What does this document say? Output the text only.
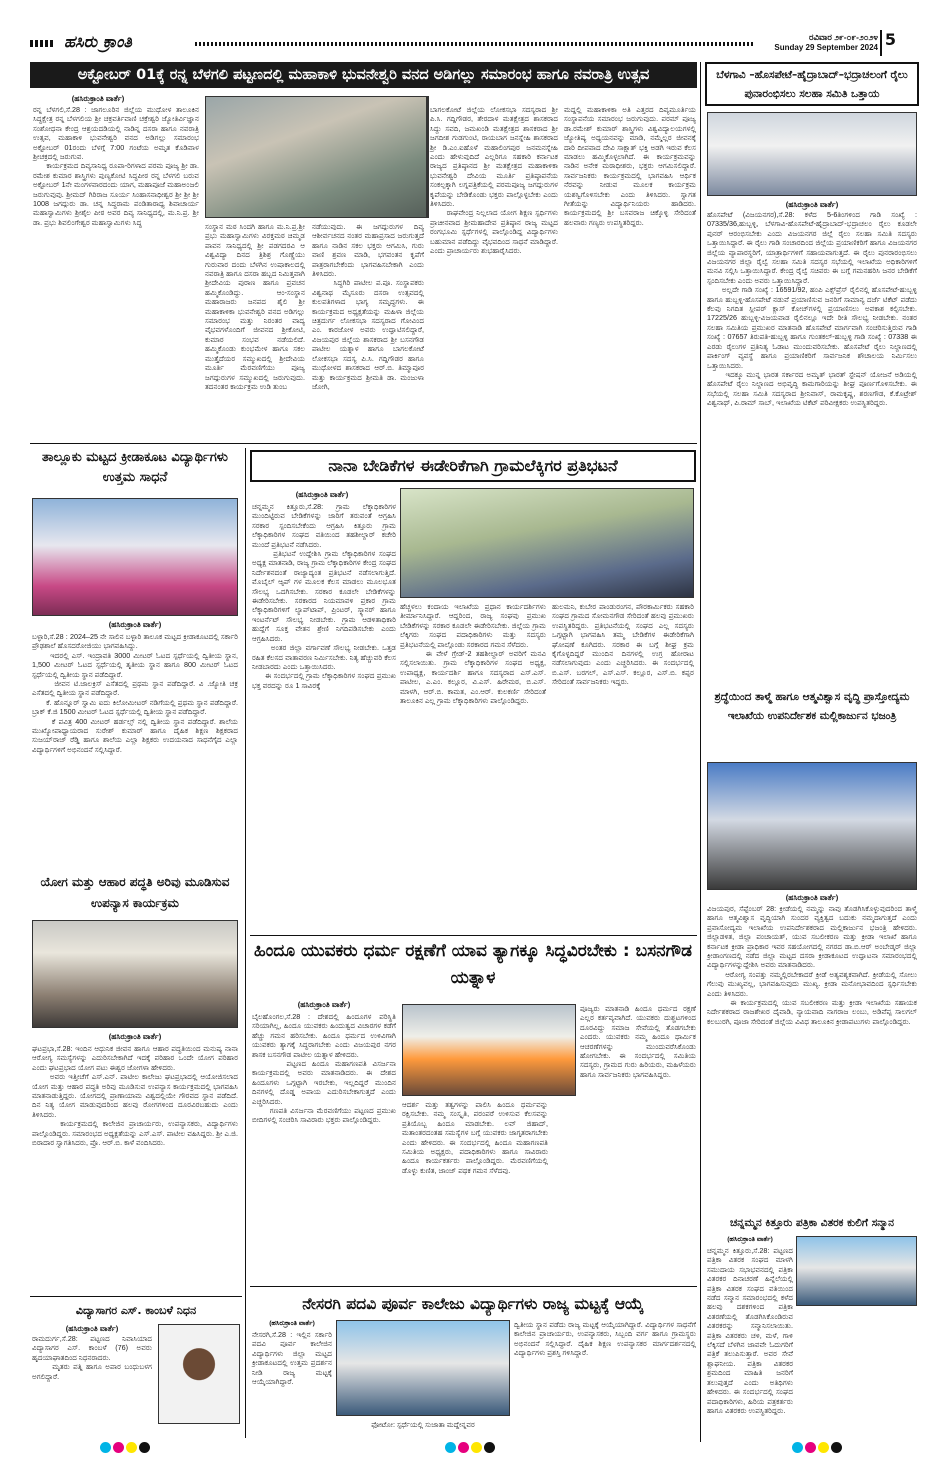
ಹಸಿರು ಕ್ರಾಂತಿ	ರವಿವಾರ ೨೯-೦೯-೨೦೨೪
Sunday 29 September 2024 5
ಅಕ್ಟೋಬರ್ 01ಕ್ಕೆ ರನ್ನ ಬೆಳಗಲಿ ಪಟ್ಟಣದಲ್ಲಿ ಮಹಾಕಾಳಿ ಭುವನೇಶ್ವರಿ ವನದ ಅಡಿಗಲ್ಲು ಸಮಾರಂಭ ಹಾಗೂ ನವರಾತ್ರಿ ಉತ್ಸವ
(ಹಸಿರುಕ್ರಾಂತಿ ವಾರ್ತೆ)
ರನ್ನ ಬೆಳಗಲಿ,ಸೆ.28 : ಜಾಗಲೂರಿನ ಜಿಲ್ಲೆಯ ಮುಧೋಳ ತಾಲೂಕಿನ ಸಿದ್ಧಕ್ಷೇತ್ರ ರನ್ನ ಬೆಳಗಲಿಯ ಶ್ರೀ ಚಕ್ರವರ್ತಿವಾಣಿ ಚಕ್ರೇಶ್ವರಿ ಜ್ಯೋತಿರ್ವಿಜ್ಞಾನ ಸಂಶೋಧನಾ ಕೇಂದ್ರ ಆಶ್ರಯದಡಿಯಲ್ಲಿ ನಾಡಿನ್ನ ದಸರಾ ಹಾಗೂ ನವರಾತ್ರಿ ಉತ್ಸವ, ಮಹಾಕಾಳಿ ಭುವನೇಶ್ವರಿ ವನದ ಅಡಿಗಲ್ಲು ಸಮಾರಂಭ ಅಕ್ಟೋಬರ್ 01ರಂದು ಬೆಳಗ್ಗೆ 7:00 ಗಂಟೆಯ ಅಮೃತ ಕೊಡಿವಾಳ ಶ್ರೀಚಕ್ರದಲ್ಲಿ ಜರುಗುವ.
ಕಾರ್ಯಕ್ರಮದ ದಿವ್ಯಸಾನಿಧ್ಯ ರೂಪಾ-ರಿಗಳಾದ ಪರಮ ಪೂಜ್ಯ ಶ್ರೀ ಡಾ. ರಮೇಶ ಕುಮಾರ ಶಾಸ್ತ್ರಿಗಳು ಪುಣ್ಯಕೋಟಿ ಸಿದ್ಧಪೀಠ ರನ್ನ ಬೆಳಗಲಿ ಬರುವ ಅಕ್ಟೋಬರ್ 1ನೇ ಮಂಗಳವಾರದಂದು ಯಾಗ, ಮಹಾಪೂಜೆ ಮಹಾಅಂಜಲಿ ಜರುಗುವುವು. ಶ್ರೀಮದ್ ಗಿರಿರಾಜ ಸೂರ್ಯ ಸಿಂಹಾಸನಾಧೀಶ್ವರ ಶ್ರೀ ಶ್ರೀ ಶ್ರೀ 1008 ಜಗದ್ಗುರು ಡಾ. ಚನ್ನ ಸಿದ್ಧರಾಮ ಪಂಡಿತಾರಾಧ್ಯ ಶಿವಾಚಾರ್ಯ ಮಹಾಸ್ವಾಮಿಗಳು ಶ್ರೀಶೈಲ ಪೀಠ ಅವರ ದಿವ್ಯ ಸಾನಿಧ್ಯದಲ್ಲಿ, ಮ.ನಿ.ಪ್ರ. ಶ್ರೀ ಡಾ. ಪ್ರಭು ಶಿವಲಿಂಗೇಶ್ವರ ಮಹಾಸ್ವಾಮಿಗಳು ಸಿದ್ಧ	ಸಂಸ್ಥಾನ ಮಠ ಸಿಂದಗಿ ಹಾಗೂ ಮ.ನಿ.ಪ್ರ.ಶ್ರೀ ಪ್ರಭು ಮಹಾಸ್ವಾಮಿಗಳು ವಿರಕ್ತಮಠ ಚಿಮ್ಮಡ ಪಾವನ ಸಾನಿಧ್ಯದಲ್ಲಿ ಶ್ರೀ ಪಡಗದರವಿ ಆ ವಿಶ್ವವಿದ್ಯಾ ದಿನದ ತ್ರಿಶಿಶ್ರ ಗೊಣ್ಣೆಯು ಗುರುವಾರ ದಂದು ಬೆಳಗಿನ ಉಷಾಕಾಲದಲ್ಲಿ ನವರಾತ್ರಿ ಹಾಗೂ ದಸರಾ ಹಬ್ಬದ ನಿಮಿತ್ತವಾಗಿ ಶ್ರೀದೇವಿಯ ಪುರಾಣ ಹಾಗೂ ಪ್ರವಚನ ಹಮ್ಮಿಕೊಂಡಿದ್ದು. ಆಂ-ಸಂಸ್ಥಾನ ಮಹಾರಾಜರು ಜನಪದ ಶೈಲಿ ಶ್ರೀ ಮಹಾಕಾಳಿಕಾ ಭುವನೇಶ್ವರಿ ವನದ ಅಡಿಗಲ್ಲು ಸಮಾರಂಭ ಮತ್ತು ನಿರಂತರ ವಾದ್ಯ ವೈಭವಗಳೊಂದಿಗೆ ಜೀವನದ ಶ್ರೀಕೋಟಿ, ಕುಮಾರ ಸಂಭವ ನಡೆಯಲಿದೆ. ಹಮ್ಮಿಕೊಂಡು ಕುಂಭಮೇಳ ಹಾಗೂ ಸಕಲ ಮುತ್ತೈದೆಯರ ಸಮ್ಮುಖದಲ್ಲಿ ಶ್ರೀದೇವಿಯ ಮೂರ್ತಿ ಮೆರವಣಿಗೆಯು ಪೂಜ್ಯ ಜಗದ್ಗುರುಗಳ ಸಮ್ಮುಖದಲ್ಲಿ ಜರುಗುವುದು. ತದನಂತರ ಕಾರ್ಯಕ್ರಮ ಉಡಿ ತುಂಬ
ನಡೆಯುವುದು. ಈ ಜಗದ್ಗುರುಗಳ ದಿವ್ಯ ಆಶೀರ್ವಚನದ ನಂತರ ಮಹಾಪ್ರಸಾದ ಜರುಗುತ್ತದೆ ಹಾಗೂ ನಾಡಿನ ಸಕಲ ಭಕ್ತರು ಆಗಮಿಸಿ, ಗುರು ವಾಣಿ ಶ್ರವಣ ಮಾಡಿ, ಭಗವಂತನ ಕೃಪೆಗೆ ಪಾತ್ರರಾಗಬೇಕೆಂದು ಭಾಗವಹಿಸಬೇಕಾಗಿ ಎಂದು ತಿಳಿಸಿದರು.
ಸಿದ್ಧಗಿರಿ ಪಾಟೀಲ ಪ.ಪೂ. ಸಂಸ್ಥಾಪಕರು ವಿಶ್ವನಾಥ ಮೈಸೂರು ದಸರಾ ಉತ್ಸವದಲ್ಲಿ ಕುಲಪತಿಗಳಾದ ಭಾಗ್ಯ ಸಮೃದ್ಧಗಳು. ಈ ಕಾರ್ಯಕ್ರಮದ ಅಧ್ಯಕ್ಷತೆಯನ್ನು ಮಹಿಳಾ ಜಿಲ್ಲೆಯ ಚಿತ್ರದುರ್ಗ ಲೋಕಸಭಾ ಸದಸ್ಯರಾದ ಗೋವಿಂದ ಎಂ. ಕಾರಜೋಳ ಅವರು ಉದ್ಘಾಟಿಸಲಿದ್ದಾರೆ, ವಿಜಯಪುರ ಜಿಲ್ಲೆಯ ಶಾಸಕರಾದ ಶ್ರೀ ಬಸನಗೌಡ ಪಾಟೀಲ ಯತ್ನಾಳ ಹಾಗೂ ಬಾಗಲಕೋಟೆ ಲೋಕಸಭಾ ಸದಸ್ಯ ಪಿ.ಸಿ. ಗದ್ದಿಗೌಡರ ಹಾಗೂ ಮುಧೋಳದ ಶಾಸಕರಾದ ಆರ್.ಬಿ. ತಿಮ್ಮಾಪೂರ ಮತ್ತು ಕಾರ್ಯಕ್ರಮದ ಶ್ರೀಮತಿ ಡಾ. ಮಂಜುಳಾ ಜೋಗಿ,
ಬಾಗಲಕೋಟೆ ಜಿಲ್ಲೆಯ ಲೋಕಸಭಾ ಸದಸ್ಯರಾದ ಶ್ರೀ ಪಿ.ಸಿ. ಗದ್ದಿಗೌಡರ, ತೇರದಾಳ ಮತಕ್ಷೇತ್ರದ ಶಾಸಕರಾದ ಸಿದ್ದು ಸವದಿ, ಜಮಖಂಡಿ ಮತಕ್ಷೇತ್ರದ ಶಾಸಕರಾದ ಶ್ರೀ ಜಗದೀಶ ಗುಡಗುಂಟಿ, ರಾಯಬಾಗ ಜನಸ್ನೇಹಿ ಶಾಸಕರಾದ ಶ್ರೀ ಡಿ.ಎಂ.ಐಹೊಳೆ ಮಹಾಲಿಂಗಪುರ ಜನಮನಸ್ನೇಹಿ ಎಂದು ಹೇಳುವುದಿದೆ ಎಲ್ಲರಿಗೂ ಸಹಕಾರಿ ಕರ್ನಾಟಕ ರಾಜ್ಯದ ಪ್ರತಿಷ್ಠಾನದ ಶ್ರೀ ಮತಕ್ಷೇತ್ರದ ಮಹಾಕಾಳಿಕಾ ಭುವನೇಶ್ವರಿ ದೇವಿಯ ಮೂರ್ತಿ ಪ್ರತಿಷ್ಠಾಪನೆಯ ಸಂಕಲ್ಪಕ್ಕಾಗಿ ಲಗ್ನಪತ್ರಿಕೆಯಲ್ಲಿ ಪರಮಪೂಜ್ಯ ಜಗದ್ಗುರುಗಳ ಕೃಪೆಯನ್ನು ಬೇಡಿಕೊಂಡು ಭಕ್ತರು ಪಾಲ್ಗೊಳ್ಳಬೇಕು ಎಂದು ತಿಳಿಸಿದರು.
ರಾಘವೇಂದ್ರ ನಿಲ್ಲಲಾದ ಯೋಗ ಶಿಕ್ಷಣ ಸ್ಪರ್ಧಿಗಳು ಪ್ರಾಚೀನವಾದ ಶ್ರೀಮಹಾದೇವ ಪ್ರತಿಷ್ಠಾನ ರಾಜ್ಯ ಮಟ್ಟದ ರಂಗಭೂಮಿ ಸ್ಪರ್ಧೆಗಳಲ್ಲಿ ಪಾಲ್ಗೊಂಡಿದ್ದ ವಿದ್ಯಾರ್ಥಿಗಳು ಬಹುಮಾನ ಪಡೆದಿದ್ದು ವೈಭವದಿಂದ ಸಾಧನೆ ಮಾಡಿದ್ದಾರೆ. ಎಂದು ಪ್ರಾಚಾರ್ಯರು ಶುಭಹಾರೈಸಿದರು.
ಮದ್ದಲ್ಲಿ ಮಹಾಕಾಳಿಕಾ ಅತಿ ಎತ್ತರದ ದಿವ್ಯಮೂರ್ತಿಯ ಸಂಸ್ಥಾಪನೆಯ ಸಮಾರಂಭ ಜರುಗುವುದು. ಪರಮ್ ಪೂಜ್ಯ ಡಾ.ರಮೇಶ್ ಕುಮಾರ್ ಶಾಸ್ತ್ರಿಗಳು ವಿಶ್ವವಿದ್ಯಾಲಯಗಳಲ್ಲಿ ಜ್ಯೋತಿಷ್ಯ ಅಧ್ಯಯನವನ್ನು ಮಾಡಿ, ನಮ್ಮೆಲ್ಲರ ಜೀವನಕ್ಕೆ ದಾರಿ ದೀಪವಾದ ದೇವಿ ಸಾಕ್ಷಾತ್ ಭಕ್ತಿ ಅಡಗಿ ಇರುವ ಕೆಲಸ ಮಾಡಲು ಹಮ್ಮಿಕೊಳ್ಳಲಾಗಿದೆ. ಈ ಕಾರ್ಯಕ್ರಮವನ್ನು ನಾಡಿನ ಅನೇಕ ಮಠಾಧೀಶರು, ಭಕ್ತರು ಆಗಮಿಸಲಿದ್ದಾರೆ. ಸಾರ್ವಜನಿಕರು ಕಾರ್ಯಕ್ರಮದಲ್ಲಿ ಭಾಗವಹಿಸಿ ಆರ್ಥಿಕ ನೆರವನ್ನು ನೀಡುವ ಮೂಲಕ ಕಾರ್ಯಕ್ರಮ ಯಶಸ್ವಿಗೊಳಿಸಬೇಕು ಎಂದು ತಿಳಿಸಿದರು. ಸ್ವಾಗತ ಗೀತೆಯನ್ನು ವಿದ್ಯಾರ್ಥಿನಿಯರು ಹಾಡಿದರು. ಕಾರ್ಯಕ್ರಮದಲ್ಲಿ ಶ್ರೀ ಬಸವರಾಜ ಚಿಕ್ಕೊಳ್ಳಿ ಸೇರಿದಂತೆ ಹಲವಾರು ಗಣ್ಯರು ಉಪಸ್ಥಿತರಿದ್ದರು.
ಬೆಳಗಾವಿ –ಹೊಸಪೇಟೆ–ಹೈದ್ರಾಬಾದ್–ಭದ್ರಾಚಲಂಗೆ ರೈಲು ಪುನಾರಂಭಿಸಲು ಸಲಹಾ ಸಮಿತಿ ಒತ್ತಾಯ
(ಹಸಿರುಕ್ರಾಂತಿ ವಾರ್ತೆ)
ಹೊಸಪೇಟೆ (ವಿಜಯನಗರ),ಸೆ.28: ಕಳೆದ 5-6ತಿಂಗಳಿಂದ ಗಾಡಿ ಸಂಖ್ಯೆ : 07335/36,ಹುಬ್ಬಳ್ಳಿ, ಬೆಳಗಾವಿ-ಹೊಸಪೇಟೆ-ಹೈದ್ರಾಬಾದ್-ಭದ್ರಾಚಲಂ ರೈಲು ಕೂಡಲೇ ಪುನರ್ ಆರಂಭಿಸಬೇಕು ಎಂದು ವಿಜಯನಗರ ಜಿಲ್ಲೆ ರೈಲು ಸಲಹಾ ಸಮಿತಿ ಸದಸ್ಯರು ಒತ್ತಾಯಿಸಿದ್ದಾರೆ. ಈ ರೈಲು ಗಾಡಿ ಸಂಚಾರದಿಂದ ಜಿಲ್ಲೆಯ ಪ್ರಯಾಣಿಕರಿಗೆ ಹಾಗೂ ವಿಜಯನಗರ ಜಿಲ್ಲೆಯ ವ್ಯಾಪಾರಸ್ಥರಿಗೆ, ಯಾತ್ರಾರ್ಥಿಗಳಿಗೆ ಸಹಾಯವಾಗುತ್ತದೆ. ಈ ರೈಲು ಪುನರಾರಂಭಿಸಲು ವಿಜಯನಗರ ಜಿಲ್ಲಾ ರೈಲ್ವೆ ಸಲಹಾ ಸಮಿತಿ ಸದಸ್ಯರ ಸಭೆಯಲ್ಲಿ ಇಲಾಖೆಯ ಅಧಿಕಾರಿಗಳಿಗೆ ಮನವಿ ಸಲ್ಲಿಸಿ ಒತ್ತಾಯಿಸಿದ್ದಾರೆ. ಕೇಂದ್ರ ರೈಲ್ವೆ ಸಚಿವರು ಈ ಬಗ್ಗೆ ಗಮನಹರಿಸಿ ಜನರ ಬೇಡಿಕೆಗೆ ಸ್ಪಂದಿಸಬೇಕು ಎಂದು ಅವರು ಒತ್ತಾಯಿಸಿದ್ದಾರೆ.
ಅಲ್ಲದೇ ಗಾಡಿ ಸಂಖ್ಯೆ : 16591/92, ಹಂಪಿ ಎಕ್ಸ್‌ಪ್ರೆಸ್ ರೈಲಿನಲ್ಲಿ ಹೊಸಪೇಟೆ-ಹುಬ್ಬಳ್ಳಿ ಹಾಗೂ ಹುಬ್ಬಳ್ಳಿ-ಹೊಸಪೇಟೆ ನಡುವೆ ಪ್ರಯಾಣಿಸುವ ಜನರಿಗೆ ಸಾಮಾನ್ಯ ದರ್ಜೆ ಟಿಕೆಟ್ ಪಡೆದು ಕೆಲವು ನಿಗದಿತ ಸ್ಲೀಪರ್ ಕ್ಲಾಸ್ ಕೋಚ್‌ಗಳಲ್ಲಿ ಪ್ರಯಾಣಿಸಲು ಅವಕಾಶ ಕಲ್ಪಿಸಬೇಕು. 17225/26 ಹುಬ್ಬಳ್ಳಿ-ವಿಜಯವಾಡ ರೈಲಿನಲ್ಲೂ ಇದೇ ರೀತಿ ಸೌಲಭ್ಯ ನೀಡಬೇಕು. ನಂತರ ಸಲಹಾ ಸಮಿತಿಯ ಪ್ರಮುಖರ ಮಾತನಾಡಿ ಹೊಸಪೇಟೆ ಮಾರ್ಗವಾಗಿ ಸಂಚರಿಸುತ್ತಿರುವ ಗಾಡಿ ಸಂಖ್ಯೆ : 07657 ತಿರುಪತಿ-ಹುಬ್ಬಳ್ಳಿ ಹಾಗೂ ಗುಂತಕಲ್-ಹುಬ್ಬಳ್ಳಿ ಗಾಡಿ ಸಂಖ್ಯೆ : 07338 ಈ ಎರಡು ರೈಲುಗಳ ಪ್ರತಿನಿತ್ಯ ಓಡಾಟ ಮುಂದುವರಿಸಬೇಕು. ಹೊಸಪೇಟೆ ರೈಲು ನಿಲ್ದಾಣದಲ್ಲಿ ಪಾರ್ಕಿಂಗ್ ವ್ಯವಸ್ಥೆ ಹಾಗೂ ಪ್ರಯಾಣಿಕರಿಗೆ ಸಾರ್ವಜನಿಕ ಶೌಚಾಲಯ ನಿರ್ಮಿಸಲು ಒತ್ತಾಯಿಸಿದರು.
ಇದಕ್ಕೂ ಮುನ್ನ ಭಾರತ ಸರ್ಕಾರದ ಅಮೃತ್ ಭಾರತ್ ಸ್ಟೇಷನ್ ಯೋಜನೆ ಅಡಿಯಲ್ಲಿ ಹೊಸಪೇಟೆ ರೈಲು ನಿಲ್ದಾಣದ ಅಭಿವೃದ್ಧಿ ಕಾಮಗಾರಿಯನ್ನು ಶೀಘ್ರ ಪೂರ್ಣಗೊಳಿಸಬೇಕು. ಈ ಸಭೆಯಲ್ಲಿ ಸಲಹಾ ಸಮಿತಿ ಸದಸ್ಯರಾದ ಶ್ರೀನಿವಾಸ್, ರಾಮಕೃಷ್ಣ, ಶರಣಗೌಡ, ಕೆ.ಕೊಟ್ರೇಶ್ ವಿಶ್ವನಾಥ್, ಪಿ.ರಾಮ್ ಸಾಬ್, ಇಲಾಖೆಯ ಟಿಕೆಟ್ ಪರಿವೀಕ್ಷಕರು ಉಪಸ್ಥಿತರಿದ್ದರು.
ಶ್ರದ್ಧೆಯಿಂದ ತಾಳ್ಮೆ ಹಾಗೂ ಆತ್ಮವಿಶ್ವಾಸ ವೃದ್ಧಿ ಪ್ರಾಸ್ತೋದ್ಯಮ ಇಲಾಖೆಯ ಉಪನಿರ್ದೇಶಕ ಮಲ್ಲಿಕಾರ್ಜುನ ಭಜಂತ್ರಿ
(ಹಸಿರುಕ್ರಾಂತಿ ವಾರ್ತೆ)
ವಿಜಯಪುರ, ಸೆಪ್ಟೆಂಬರ್ 28: ಕ್ರೀಡೆಯಲ್ಲಿ ನಮ್ಮನ್ನು ನಾವು ತೊಡಗಿಸಿಕೊಳ್ಳುವುದರಿಂದ ತಾಳ್ಮೆ ಹಾಗೂ ಆತ್ಮವಿಶ್ವಾಸ ವೃದ್ಧಿಯಾಗಿ ಸುಂದರ ವ್ಯಕ್ತಿತ್ವದ ಬದುಕು ನಮ್ಮದಾಗುತ್ತದೆ ಎಂದು ಪ್ರವಾಸೋದ್ಯಮ ಇಲಾಖೆಯ ಉಪನಿರ್ದೇಶಕರಾದ ಮಲ್ಲಿಕಾರ್ಜುನ ಭಜಂತ್ರಿ ಹೇಳಿದರು. ಜಿಲ್ಲಾಡಳಿತ, ಜಿಲ್ಲಾ ಪಂಚಾಯತ್, ಯುವ ಸಬಲೀಕರಣ ಮತ್ತು ಕ್ರೀಡಾ ಇಲಾಖೆ ಹಾಗೂ ಕರ್ನಾಟಕ ಕ್ರೀಡಾ ಪ್ರಾಧಿಕಾರ ಇವರ ಸಹಯೋಗದಲ್ಲಿ ನಗರದ ಡಾ.ಬಿ.ಆರ್ ಅಂಬೇಡ್ಕರ್ ಜಿಲ್ಲಾ ಕ್ರೀಡಾಂಗಣದಲ್ಲಿ ನಡೆದ ಜಿಲ್ಲಾ ಮಟ್ಟದ ದಸರಾ ಕ್ರೀಡಾಕೂಟದ ಉದ್ಘಾಟನಾ ಸಮಾರಂಭದಲ್ಲಿ ವಿದ್ಯಾರ್ಥಿಗಳನ್ನುದ್ದೇಶಿಸಿ ಅವರು ಮಾತನಾಡಿದರು.
ಆರೋಗ್ಯ ಸಂಪತ್ತು ನಮ್ಮಲ್ಲಿರಬೇಕಾದರೆ ಕ್ರೀಡೆ ಅತ್ಯವಶ್ಯಕವಾಗಿದೆ. ಕ್ರೀಡೆಯಲ್ಲಿ ಸೋಲು ಗೆಲುವು ಮುಖ್ಯವಲ್ಲ, ಭಾಗವಹಿಸುವುದು ಮುಖ್ಯ. ಕ್ರೀಡಾ ಮನೋಭಾವದಿಂದ ಸ್ಪರ್ಧಿಸಬೇಕು ಎಂದು ತಿಳಿಸಿದರು.
ಈ ಕಾರ್ಯಕ್ರಮದಲ್ಲಿ ಯುವ ಸಬಲೀಕರಣ ಮತ್ತು ಕ್ರೀಡಾ ಇಲಾಖೆಯ ಸಹಾಯಕ ನಿರ್ದೇಶಕರಾದ ರಾಜಶೇಖರ ದೈವಾಡಿ, ನ್ಯಾಯವಾದಿ ನಾಗರಾಜ ಲಂಬು, ಅಡಿವೆಪ್ಪ ಸಾಲಗಲ್ ಕಲಬುರಗಿ, ಪೂಜಾ ಸೇರಿದಂತೆ ಜಿಲ್ಲೆಯ ವಿವಿಧ ತಾಲೂಕಿನ ಕ್ರೀಡಾಪಟುಗಳು ಪಾಲ್ಗೊಂಡಿದ್ದರು.
ಚನ್ನಮ್ಮನ ಕಿತ್ತೂರು ಪತ್ರಿಕಾ ವಿತರಕ ಕುಲಿಗೆ ಸನ್ಮಾನ
(ಹಸಿರುಕ್ರಾಂತಿ ವಾರ್ತೆ)
ಚನ್ನಮ್ಮನ ಕಿತ್ತೂರು,ಸೆ.28: ಪಟ್ಟಣದ ಪತ್ರಿಕಾ ವಿತರಕ ಸಂಘದ ಮಾಳಗಿ ಸಮುದಾಯ ಸಭಾಭವನದಲ್ಲಿ ಪತ್ರಿಕಾ ವಿತರಕರ ದಿನಾಚರಣೆ ಹಿನ್ನೆಲೆಯಲ್ಲಿ ಪತ್ರಿಕಾ ವಿತರಕ ಸಂಘದ ವತಿಯಿಂದ ನಡೆದ ಸನ್ಮಾನ ಸಮಾರಂಭದಲ್ಲಿ ಕಳೆದ ಹಲವು ದಶಕಗಳಿಂದ ಪತ್ರಿಕಾ ವಿತರಣೆಯಲ್ಲಿ ತೊಡಗಿಸಿಕೊಂಡಿರುವ ವಿತರಕರನ್ನು ಸನ್ಮಾನಿಸಲಾಯಿತು. ಪತ್ರಿಕಾ ವಿತರಕರು ಚಳಿ, ಮಳೆ, ಗಾಳಿ ಲೆಕ್ಕಿಸದೆ ಬೆಳಗಿನ ಜಾವವೇ ಓದುಗರಿಗೆ ಪತ್ರಿಕೆ ತಲುಪಿಸುತ್ತಾರೆ. ಅವರ ಸೇವೆ ಶ್ಲಾಘನೀಯ. ಪತ್ರಿಕಾ ವಿತರಕರ ಶ್ರಮದಿಂದ ಮಾಹಿತಿ ಜನರಿಗೆ ತಲುಪುತ್ತದೆ ಎಂದು ಅತಿಥಿಗಳು ಹೇಳಿದರು. ಈ ಸಂದರ್ಭದಲ್ಲಿ ಸಂಘದ ಪದಾಧಿಕಾರಿಗಳು, ಹಿರಿಯ ಪತ್ರಕರ್ತರು ಹಾಗೂ ವಿತರಕರು ಉಪಸ್ಥಿತರಿದ್ದರು.
ತಾಲ್ಲೂಕು ಮಟ್ಟದ ಕ್ರೀಡಾಕೂಟ ವಿದ್ಯಾರ್ಥಿಗಳು ಉತ್ತಮ ಸಾಧನೆ
(ಹಸಿರುಕ್ರಾಂತಿ ವಾರ್ತೆ)
ಬಳ್ಳಾರಿ,ಸೆ.28 : 2024–25 ನೇ ಸಾಲಿನ ಬಳ್ಳಾರಿ ತಾಲೂಕ ಮಟ್ಟದ ಕ್ರೀಡಾಕೂಟದಲ್ಲಿ ಸರ್ಕಾರಿ ಪ್ರೌಢಶಾಲೆ ಹೊಸದರೋಜಿಯು ಭಾಗವಹಿಸಿದ್ದು.
ಇದರಲ್ಲಿ ಎಸ್. ಇಂದ್ರಾವತಿ 3000 ಮೀಟರ್ ಓಟದ ಸ್ಪರ್ಧೆಯಲ್ಲಿ ದ್ವಿತೀಯ ಸ್ಥಾನ, 1,500 ಮೀಟರ್ ಓಟದ ಸ್ಪರ್ಧೆಯಲ್ಲಿ ತೃತೀಯ ಸ್ಥಾನ ಹಾಗೂ 800 ಮೀಟರ್ ಓಟದ ಸ್ಪರ್ಧೆಯಲ್ಲಿ ದ್ವಿತೀಯ ಸ್ಥಾನ ಪಡೆದಿದ್ದಾರೆ.
ಜೀವನ ಟಿ.ಜಾಲಕ್ರಿಸ್ ಎಸೆತದಲ್ಲಿ ಪ್ರಥಮ ಸ್ಥಾನ ಪಡೆದಿದ್ದಾರೆ. ವಿ .ಜ್ಯೋತಿ ಚಕ್ರ ಎಸೆತದಲ್ಲಿ ದ್ವಿತೀಯ ಸ್ಥಾನ ಪಡೆದಿದ್ದಾರೆ.
ಕೆ. ಹೊನ್ನೂರ್ ಸ್ವಾಮಿ ಐದು ಕಿಲೋಮೀಟರ್ ನಡಿಗೆಯಲ್ಲಿ ಪ್ರಥಮ ಸ್ಥಾನ ಪಡೆದಿದ್ದಾರೆ. ಬ್ರಾಕ್ ಕೆ.ಜಿ 1500 ಮೀಟರ್ ಓಟದ ಸ್ಪರ್ಧೆಯಲ್ಲಿ ದ್ವಿತೀಯ ಸ್ಥಾನ ಪಡೆದಿದ್ದಾರೆ.
ಕೆ ಪವಿತ್ರ 400 ಮೀಟರ್ ಹರ್ಡಲ್ಸ್ ನಲ್ಲಿ ದ್ವಿತೀಯ ಸ್ಥಾನ ಪಡೆದಿದ್ದಾರೆ. ಶಾಲೆಯ ಮುಖ್ಯೋಪಾಧ್ಯಾಯರಾದ ಸುರೇಶ್ ಕುಮಾರ್ ಹಾಗೂ ದೈಹಿಕ ಶಿಕ್ಷಣ ಶಿಕ್ಷಕರಾದ ಸುಜಯ್‌ರಾಜ್ ರೆಡ್ಡಿ ಹಾಗೂ ಶಾಲೆಯ ಎಲ್ಲಾ ಶಿಕ್ಷಕರು ಉದಯನಾದ ಸಾಧನೆಗೈದ ಎಲ್ಲಾ ವಿದ್ಯಾರ್ಥಿಗಳಿಗೆ ಅಭಿನಂದನೆ ಸಲ್ಲಿಸಿದ್ದಾರೆ.
ನಾನಾ ಬೇಡಿಕೆಗಳ ಈಡೇರಿಕೆಗಾಗಿ ಗ್ರಾಮಲೆಕ್ಕಿಗರ ಪ್ರತಿಭಟನೆ
(ಹಸಿರುಕ್ರಾಂತಿ ವಾರ್ತೆ)
ಚನ್ನಮ್ಮನ ಕಿತ್ತೂರು,ಸೆ.28: ಗ್ರಾಮ ಲೆಕ್ಕಾಧಿಕಾರಿಗಳ ಮುಂದಿಟ್ಟಿರುವ ಬೇಡಿಕೆಗಳನ್ನು ಜಾರಿಗೆ ತರುವಂತೆ ಆಗ್ರಹಿಸಿ ಸರಕಾರ ಸ್ಪಂದಿಸಬೇಕೆಂದು ಆಗ್ರಹಿಸಿ ಕಿತ್ತೂರು ಗ್ರಾಮ ಲೆಕ್ಕಾಧಿಕಾರಿಗಳ ಸಂಘದ ವತಿಯಿಂದ ತಹಶೀಲ್ದಾರ್ ಕಚೇರಿ ಮುಂದೆ ಪ್ರತಿಭಟನೆ ನಡೆಸಿದರು.
ಪ್ರತಿಭಟನೆ ಉದ್ದೇಶಿಸಿ ಗ್ರಾಮ ಲೆಕ್ಕಾಧಿಕಾರಿಗಳ ಸಂಘದ ಅಧ್ಯಕ್ಷ ಮಾತನಾಡಿ, ರಾಜ್ಯ ಗ್ರಾಮ ಲೆಕ್ಕಾಧಿಕಾರಿಗಳ ಕೇಂದ್ರ ಸಂಘದ ನಿರ್ದೇಶನದಂತೆ ರಾಜ್ಯಾದ್ಯಂತ ಪ್ರತಿಭಟನೆ ನಡೆಸಲಾಗುತ್ತಿದೆ. ಮೊಬೈಲ್ ಆ್ಯಪ್ ಗಳ ಮೂಲಕ ಕೆಲಸ ಮಾಡಲು ಮೂಲಭೂತ ಸೌಲಭ್ಯ ಒದಗಿಸಬೇಕು. ಸರಕಾರ ಕೂಡಲೇ ಬೇಡಿಕೆಗಳನ್ನು ಈಡೇರಿಸಬೇಕು. ಸರಕಾರದ ನಿಯಮಾವಳಿ ಪ್ರಕಾರ ಗ್ರಾಮ ಲೆಕ್ಕಾಧಿಕಾರಿಗಳಿಗೆ ಲ್ಯಾಪ್‌ಟಾಪ್, ಪ್ರಿಂಟರ್, ಸ್ಕ್ಯಾನರ್ ಹಾಗೂ ಇಂಟರ್ನೆಟ್ ಸೌಲಭ್ಯ ನೀಡಬೇಕು. ಗ್ರಾಮ ಆಡಳಿತಾಧಿಕಾರಿ ಹುದ್ದೆಗೆ ಸೂಕ್ತ ವೇತನ ಶ್ರೇಣಿ ನಿಗದಿಪಡಿಸಬೇಕು ಎಂದು ಆಗ್ರಹಿಸಿದರು.
ಅಂತರ ಜಿಲ್ಲಾ ವರ್ಗಾವಣೆ ಸೌಲಭ್ಯ ನೀಡಬೇಕು. ಒತ್ತಡ ರಹಿತ ಕೆಲಸದ ವಾತಾವರಣ ನಿರ್ಮಿಸಬೇಕು. ನಿತ್ಯ ಹೆಚ್ಚುವರಿ ಕೆಲಸ ನೀಡಬಾರದು ಎಂದು ಒತ್ತಾಯಿಸಿದರು.
ಈ ಸಂದರ್ಭದಲ್ಲಿ ಗ್ರಾಮ ಲೆಕ್ಕಾಧಿಕಾರಿಗಳ ಸಂಘದ ಪ್ರಮುಖ ಭಕ್ತ ವರದನ್ನು ರೂ 1 ಸಾವಿರಕ್ಕೆ
ಹೆಚ್ಚಳಲು ಕಂದಾಯ ಇಲಾಖೆಯ ಪ್ರಧಾನ ಕಾರ್ಯದರ್ಶಿಗಳು ತೀರ್ಮಾನಿಸಿದ್ದಾರೆ. ಆದ್ದರಿಂದ, ರಾಜ್ಯ ಸಂಘವು ಪ್ರಮುಖ ಬೇಡಿಕೆಗಳನ್ನು ಸರಕಾರ ಕೂಡಲೇ ಈಡೇರಿಸಬೇಕು. ಜಿಲ್ಲೆಯ ಗ್ರಾಮ ಲೆಕ್ಕಿಗರು ಸಂಘದ ಪದಾಧಿಕಾರಿಗಳು ಮತ್ತು ಸದಸ್ಯರು ಪ್ರತಿಭಟನೆಯಲ್ಲಿ ಪಾಲ್ಗೊಂಡು ಸರಕಾರದ ಗಮನ ಸೆಳೆದರು.
ಈ ವೇಳೆ ಗ್ರೇಡ್-2 ತಹಶೀಲ್ದಾರ್ ಅವರಿಗೆ ಮನವಿ ಸಲ್ಲಿಸಲಾಯಿತು. ಗ್ರಾಮ ಲೆಕ್ಕಾಧಿಕಾರಿಗಳ ಸಂಘದ ಅಧ್ಯಕ್ಷ, ಉಪಾಧ್ಯಕ್ಷ, ಕಾರ್ಯದರ್ಶಿ ಹಾಗೂ ಸದಸ್ಯರಾದ ಎಸ್.ಎಸ್. ಪಾಟೀಲ, ಎ.ಎಂ. ಕಲ್ಲೂರ, ವಿ.ಎಸ್. ಹಿರೇಮಠ, ಬಿ.ಎಸ್. ಮಾಳಗಿ, ಆರ್.ಬಿ. ಕಾಮತ, ಎಂ.ಆರ್. ಕುಲಕರ್ಣಿ ಸೇರಿದಂತೆ ತಾಲೂಕಿನ ಎಲ್ಲ ಗ್ರಾಮ ಲೆಕ್ಕಾಧಿಕಾರಿಗಳು ಪಾಲ್ಗೊಂಡಿದ್ದರು.
ಹುಲಮನಿ, ಕುಬೇರ ಪಾಂಡುರಂಗನ, ಪೌರಕಾರ್ಮಿಕರು ಸಹಕಾರಿ ಸಂಘದ ಗ್ರಾಮದ ಸೋಮನಗೌಡ ಸೇರಿದಂತೆ ಹಲವು ಪ್ರಮುಖರು ಉಪಸ್ಥಿತರಿದ್ದರು. ಪ್ರತಿಭಟನೆಯಲ್ಲಿ ಸಂಘದ ಎಲ್ಲ ಸದಸ್ಯರು ಒಗ್ಗಟ್ಟಾಗಿ ಭಾಗವಹಿಸಿ ತಮ್ಮ ಬೇಡಿಕೆಗಳ ಈಡೇರಿಕೆಗಾಗಿ ಘೋಷಣೆ ಕೂಗಿದರು. ಸರಕಾರ ಈ ಬಗ್ಗೆ ಶೀಘ್ರ ಕ್ರಮ ಕೈಗೊಳ್ಳದಿದ್ದರೆ ಮುಂದಿನ ದಿನಗಳಲ್ಲಿ ಉಗ್ರ ಹೋರಾಟ ನಡೆಸಲಾಗುವುದು ಎಂದು ಎಚ್ಚರಿಸಿದರು. ಈ ಸಂದರ್ಭದಲ್ಲಿ ಬಿ.ಎಸ್. ಬರಗಲ್, ಎಸ್.ಎಸ್. ಕಲ್ಲೂರ, ಎಸ್.ಬಿ. ಕಪ್ಪರ ಸೇರಿದಂತೆ ಸಾರ್ವಜನಿಕರು ಇದ್ದರು.
ಯೋಗ ಮತ್ತು ಆಹಾರ ಪದ್ಧತಿ ಅರಿವು ಮೂಡಿಸುವ ಉಪನ್ಯಾಸ ಕಾರ್ಯಕ್ರಮ
(ಹಸಿರುಕ್ರಾಂತಿ ವಾರ್ತೆ)
ಘಟಪ್ರಭಾ,ಸೆ.28: ಇಂದಿನ ಆಧುನಿಕ ಜೀವನ ಹಾಗೂ ಆಹಾರ ಪದ್ಧತಿಯಿಂದ ಮನುಷ್ಯ ನಾನಾ ಆರೋಗ್ಯ ಸಮಸ್ಯೆಗಳನ್ನು ಎದುರಿಸಬೇಕಾಗಿದೆ ಇದಕ್ಕೆ ಪರಿಹಾರ ಒಂದೇ ಯೋಗ ಪರಿಹಾರ ಎಂದು ಘಟಪ್ರಭಾದ ಯೋಗ ಪಟು ಈಶ್ವರ ಜೋಗಳಾ ಹೇಳಿದರು.
ಅವರು ಇತ್ತೀಚೆಗೆ ಎಸ್.ಎನ್. ಪಾಟೀಲ ಕಾಲೇಜು ಘಟಪ್ರಭಾದಲ್ಲಿ ಆಯೋಜಿಸಲಾದ ಯೋಗ ಮತ್ತು ಆಹಾರ ಪದ್ಧತಿ ಅರಿವು ಮೂಡಿಸುವ ಉಪನ್ಯಾಸ ಕಾರ್ಯಕ್ರಮದಲ್ಲಿ ಭಾಗವಹಿಸಿ ಮಾತನಾಡುತ್ತಿದ್ದರು. ಯೋಗದಲ್ಲಿ ಪ್ರಾಣಾಯಾಮ ವಿಶ್ವದಲ್ಲಿಯೇ ಗೌರವದ ಸ್ಥಾನ ಪಡೆದಿದೆ. ದಿನ ನಿತ್ಯ ಯೋಗ ಮಾಡುವುದರಿಂದ ಹಲವು ರೋಗಗಳಿಂದ ದೂರವಿರಬಹುದು ಎಂದು ತಿಳಿಸಿದರು.
ಕಾರ್ಯಕ್ರಮದಲ್ಲಿ ಕಾಲೇಜಿನ ಪ್ರಾಚಾರ್ಯರು, ಉಪನ್ಯಾಸಕರು, ವಿದ್ಯಾರ್ಥಿಗಳು ಪಾಲ್ಗೊಂಡಿದ್ದರು. ಸಮಾರಂಭದ ಅಧ್ಯಕ್ಷತೆಯನ್ನು ಎಸ್.ಎಸ್. ಪಾಟೀಲ ವಹಿಸಿದ್ದರು. ಶ್ರೀ ಎ.ಜಿ. ಬಿರಾದಾರ ಸ್ವಾಗತಿಸಿದರು, ಪ್ರೊ. ಆರ್.ಬಿ. ಕಾಳೆ ವಂದಿಸಿದರು.
ಹಿಂದೂ ಯುವಕರು ಧರ್ಮ ರಕ್ಷಣೆಗೆ ಯಾವ ತ್ಯಾಗಕ್ಕೂ ಸಿದ್ಧವಿರಬೇಕು : ಬಸನಗೌಡ ಯತ್ನಾಳ
(ಹಸಿರುಕ್ರಾಂತಿ ವಾರ್ತೆ)
ಬೈಲಹೊಂಗಲ,ಸೆ.28 : ದೇಶದಲ್ಲಿ ಹಿಂದೂಗಳ ಪರಿಸ್ಥಿತಿ ಸರಿಯಾಗಿಲ್ಲ, ಹಿಂದೂ ಯುವಕರು ಹಿಂದುತ್ವದ ವಿಚಾರಗಳ ಕಡೆಗೆ ಹೆಚ್ಚು ಗಮನ ಹರಿಸಬೇಕು. ಹಿಂದೂ ಧರ್ಮದ ಉಳಿವಿಗಾಗಿ ಯುವಕರು ತ್ಯಾಗಕ್ಕೆ ಸಿದ್ಧರಾಗಬೇಕು ಎಂದು ವಿಜಯಪುರ ನಗರ ಶಾಸಕ ಬಸನಗೌಡ ಪಾಟೀಲ ಯತ್ನಾಳ ಹೇಳಿದರು.
ಪಟ್ಟಣದ ಹಿಂದೂ ಮಹಾಗಣಪತಿ ವಿಸರ್ಜನಾ ಕಾರ್ಯಕ್ರಮದಲ್ಲಿ ಅವರು ಮಾತನಾಡಿದರು. ಈ ದೇಶದ ಹಿಂದೂಗಳು ಒಗ್ಗಟ್ಟಾಗಿ ಇರಬೇಕು, ಇಲ್ಲದಿದ್ದರೆ ಮುಂದಿನ ದಿನಗಳಲ್ಲಿ ದೊಡ್ಡ ಅಪಾಯ ಎದುರಿಸಬೇಕಾಗುತ್ತದೆ ಎಂದು ಎಚ್ಚರಿಸಿದರು.
ಗಣಪತಿ ವಿಸರ್ಜನಾ ಮೆರವಣಿಗೆಯು ಪಟ್ಟಣದ ಪ್ರಮುಖ ಬೀದಿಗಳಲ್ಲಿ ಸಂಚರಿಸಿ ಸಾವಿರಾರು ಭಕ್ತರು ಪಾಲ್ಗೊಂಡಿದ್ದರು.
ಆದರ್ಶ ಮತ್ತು ತತ್ವಗಳನ್ನು ಪಾಲಿಸಿ ಹಿಂದೂ ಧರ್ಮವನ್ನು ರಕ್ಷಿಸಬೇಕು. ನಮ್ಮ ಸಂಸ್ಕೃತಿ, ಪರಂಪರೆ ಉಳಿಸುವ ಕೆಲಸವನ್ನು ಪ್ರತಿಯೊಬ್ಬ ಹಿಂದೂ ಮಾಡಬೇಕು. ಲವ್ ಜಿಹಾದ್, ಮತಾಂತರದಂತಹ ಸಮಸ್ಯೆಗಳ ಬಗ್ಗೆ ಯುವಕರು ಜಾಗೃತರಾಗಬೇಕು ಎಂದು ಹೇಳಿದರು. ಈ ಸಂದರ್ಭದಲ್ಲಿ ಹಿಂದೂ ಮಹಾಗಣಪತಿ ಸಮಿತಿಯ ಅಧ್ಯಕ್ಷರು, ಪದಾಧಿಕಾರಿಗಳು ಹಾಗೂ ಸಾವಿರಾರು ಹಿಂದೂ ಕಾರ್ಯಕರ್ತರು ಪಾಲ್ಗೊಂಡಿದ್ದರು. ಮೆರವಣಿಗೆಯಲ್ಲಿ ಡೊಳ್ಳು ಕುಣಿತ, ಜಾಂಜ್ ಪಥಕ ಗಮನ ಸೆಳೆದವು.
ಪೂಜ್ಯರು ಮಾತನಾಡಿ ಹಿಂದೂ ಧರ್ಮದ ರಕ್ಷಣೆ ಎಲ್ಲರ ಕರ್ತವ್ಯವಾಗಿದೆ. ಯುವಕರು ದುಶ್ಚಟಗಳಿಂದ ದೂರವಿದ್ದು ಸಮಾಜ ಸೇವೆಯಲ್ಲಿ ತೊಡಗಬೇಕು ಎಂದರು. ಯುವಕರು ನಮ್ಮ ಹಿಂದೂ ಧಾರ್ಮಿಕ ಆಚರಣೆಗಳನ್ನು ಮುಂದುವರೆಸಿಕೊಂಡು ಹೋಗಬೇಕು. ಈ ಸಂದರ್ಭದಲ್ಲಿ ಸಮಿತಿಯ ಸದಸ್ಯರು, ಗ್ರಾಮದ ಗುರು ಹಿರಿಯರು, ಮಹಿಳೆಯರು ಹಾಗೂ ಸಾರ್ವಜನಿಕರು ಭಾಗವಹಿಸಿದ್ದರು.
ವಿದ್ಯಾಸಾಗರ ಎಸ್. ಕಾಂಬಳೆ ನಿಧನ
(ಹಸಿರುಕ್ರಾಂತಿ ವಾರ್ತೆ)
ರಾಮದುರ್ಗ,ಸೆ.28: ಪಟ್ಟಣದ ನಿವಾಸಿಯಾದ ವಿದ್ಯಾಸಾಗರ ಎಸ್. ಕಾಂಬಳೆ (76) ಅವರು ಹೃದಯಾಘಾತದಿಂದ ನಿಧನರಾದರು.
ಮೃತರು ಪತ್ನಿ ಹಾಗೂ ಅಪಾರ ಬಂಧುಬಳಗ ಅಗಲಿದ್ದಾರೆ.
ನೇಸರಗಿ ಪದವಿ ಪೂರ್ವ ಕಾಲೇಜು ವಿದ್ಯಾರ್ಥಿಗಳು ರಾಜ್ಯ ಮಟ್ಟಕ್ಕೆ ಆಯ್ಕೆ
(ಹಸಿರುಕ್ರಾಂತಿ ವಾರ್ತೆ)
ನೇಸರಗಿ,ಸೆ.28 : ಇಲ್ಲಿನ ಸರ್ಕಾರಿ ಪದವಿ ಪೂರ್ವ ಕಾಲೇಜಿನ ವಿದ್ಯಾರ್ಥಿಗಳು ಜಿಲ್ಲಾ ಮಟ್ಟದ ಕ್ರೀಡಾಕೂಟದಲ್ಲಿ ಉತ್ತಮ ಪ್ರದರ್ಶನ ನೀಡಿ ರಾಜ್ಯ ಮಟ್ಟಕ್ಕೆ ಆಯ್ಕೆಯಾಗಿದ್ದಾರೆ.
ಫೋಟೋ: ಸ್ಪರ್ಧೆಯಲ್ಲಿ ಸುಜಾತಾ ಮದ್ದೇನ್ನವರ
ದ್ವಿತೀಯ ಸ್ಥಾನ ಪಡೆದು ರಾಜ್ಯ ಮಟ್ಟಕ್ಕೆ ಆಯ್ಕೆಯಾಗಿದ್ದಾರೆ. ವಿದ್ಯಾರ್ಥಿಗಳ ಸಾಧನೆಗೆ ಕಾಲೇಜಿನ ಪ್ರಾಚಾರ್ಯರು, ಉಪನ್ಯಾಸಕರು, ಸಿಬ್ಬಂದಿ ವರ್ಗ ಹಾಗೂ ಗ್ರಾಮಸ್ಥರು ಅಭಿನಂದನೆ ಸಲ್ಲಿಸಿದ್ದಾರೆ. ದೈಹಿಕ ಶಿಕ್ಷಣ ಉಪನ್ಯಾಸಕರ ಮಾರ್ಗದರ್ಶನದಲ್ಲಿ ವಿದ್ಯಾರ್ಥಿಗಳು ಪ್ರಶಸ್ತಿ ಗಳಿಸಿದ್ದಾರೆ.
